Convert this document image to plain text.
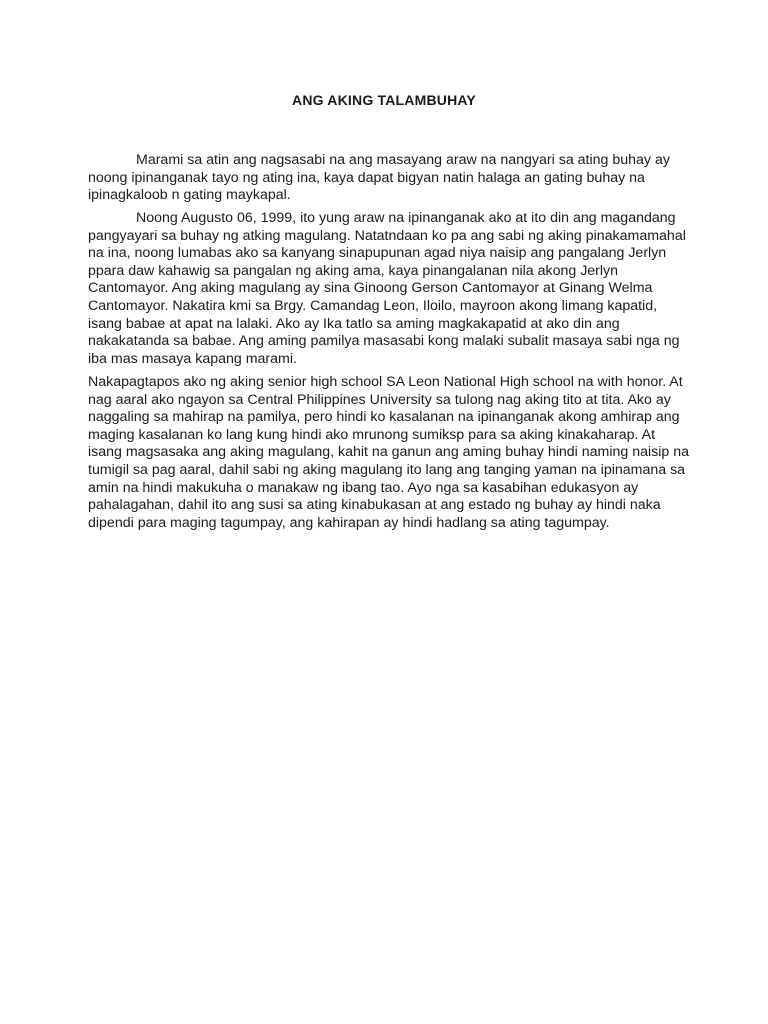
ANG AKING TALAMBUHAY

Marami sa atin ang nagsasabi na ang masayang araw na nangyari sa ating buhay ay
noong ipinanganak tayo ng ating ina, kaya dapat bigyan natin halaga an gating buhay na
ipinagkaloob n gating maykapal.

Noong Augusto 06, 1999, ito yung araw na ipinanganak ako at ito din ang magandang
pangyayari sa buhay ng atking magulang. Natatndaan ko pa ang sabi ng aking pinakamamahal
na ina, noong lumabas ako sa kanyang sinapupunan agad niya naisip ang pangalang Jerlyn
ppara daw kahawig sa pangalan ng aking ama, kaya pinangalanan nila akong Jerlyn
Cantomayor. Ang aking magulang ay sina Ginoong Gerson Cantomayor at Ginang Welma
Cantomayor. Nakatira kmi sa Brgy. Camandag Leon, Iloilo, mayroon akong limang kapatid,
isang babae at apat na lalaki. Ako ay Ika tatlo sa aming magkakapatid at ako din ang
nakakatanda sa babae. Ang aming pamilya masasabi kong malaki subalit masaya sabi nga ng
iba mas masaya kapang marami.

Nakapagtapos ako ng aking senior high school SA Leon National High school na with honor. At
nag aaral ako ngayon sa Central Philippines University sa tulong nag aking tito at tita. Ako ay
naggaling sa mahirap na pamilya, pero hindi ko kasalanan na ipinanganak akong amhirap ang
maging kasalanan ko lang kung hindi ako mrunong sumiksp para sa aking kinakaharap. At
isang magsasaka ang aking magulang, kahit na ganun ang aming buhay hindi naming naisip na
tumigil sa pag aaral, dahil sabi ng aking magulang ito lang ang tanging yaman na ipinamana sa
amin na hindi makukuha o manakaw ng ibang tao. Ayo nga sa kasabihan edukasyon ay
pahalagahan, dahil ito ang susi sa ating kinabukasan at ang estado ng buhay ay hindi naka
dipendi para maging tagumpay, ang kahirapan ay hindi hadlang sa ating tagumpay.
